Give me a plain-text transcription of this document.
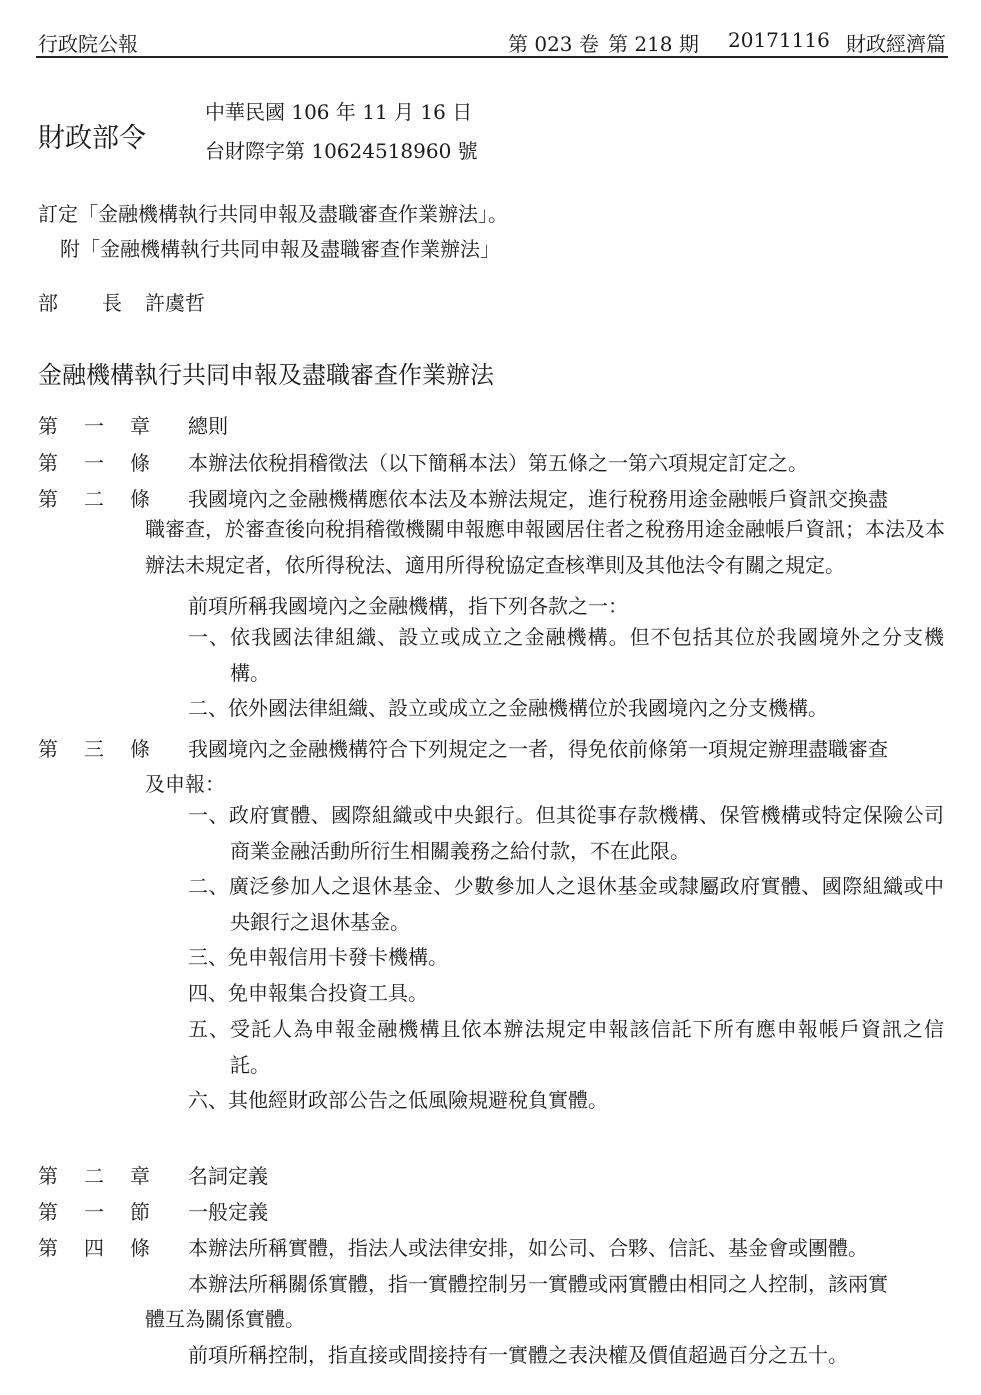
行政院公報	第 023 卷 第 218 期 20171116 財政經濟篇
財政部令
中華民國 106 年 11 月 16 日
台財際字第 10624518960 號
訂定「金融機構執行共同申報及盡職審查作業辦法」。
附「金融機構執行共同申報及盡職審查作業辦法」
部 長 許虞哲
金融機構執行共同申報及盡職審查作業辦法
第 一 章 總則
第 一 條 本辦法依稅捐稽徵法（以下簡稱本法）第五條之一第六項規定訂定之。
第 二 條 我國境內之金融機構應依本法及本辦法規定，進行稅務用途金融帳戶資訊交換盡
職審查，於審查後向稅捐稽徵機關申報應申報國居住者之稅務用途金融帳戶資訊；本法及本辦法未規定者，依所得稅法、適用所得稅協定查核準則及其他法令有關之規定。
前項所稱我國境內之金融機構，指下列各款之一：
一、依我國法律組織、設立或成立之金融機構。但不包括其位於我國境外之分支機構。
二、依外國法律組織、設立或成立之金融機構位於我國境內之分支機構。
第 三 條 我國境內之金融機構符合下列規定之一者，得免依前條第一項規定辦理盡職審查
及申報：
一、政府實體、國際組織或中央銀行。但其從事存款機構、保管機構或特定保險公司商業金融活動所衍生相關義務之給付款，不在此限。
二、廣泛參加人之退休基金、少數參加人之退休基金或隸屬政府實體、國際組織或中央銀行之退休基金。
三、免申報信用卡發卡機構。
四、免申報集合投資工具。
五、受託人為申報金融機構且依本辦法規定申報該信託下所有應申報帳戶資訊之信託。
六、其他經財政部公告之低風險規避稅負實體。
第 二 章 名詞定義
第 一 節 一般定義
第 四 條 本辦法所稱實體，指法人或法律安排，如公司、合夥、信託、基金會或團體。
本辦法所稱關係實體，指一實體控制另一實體或兩實體由相同之人控制，該兩實
體互為關係實體。
前項所稱控制，指直接或間接持有一實體之表決權及價值超過百分之五十。
